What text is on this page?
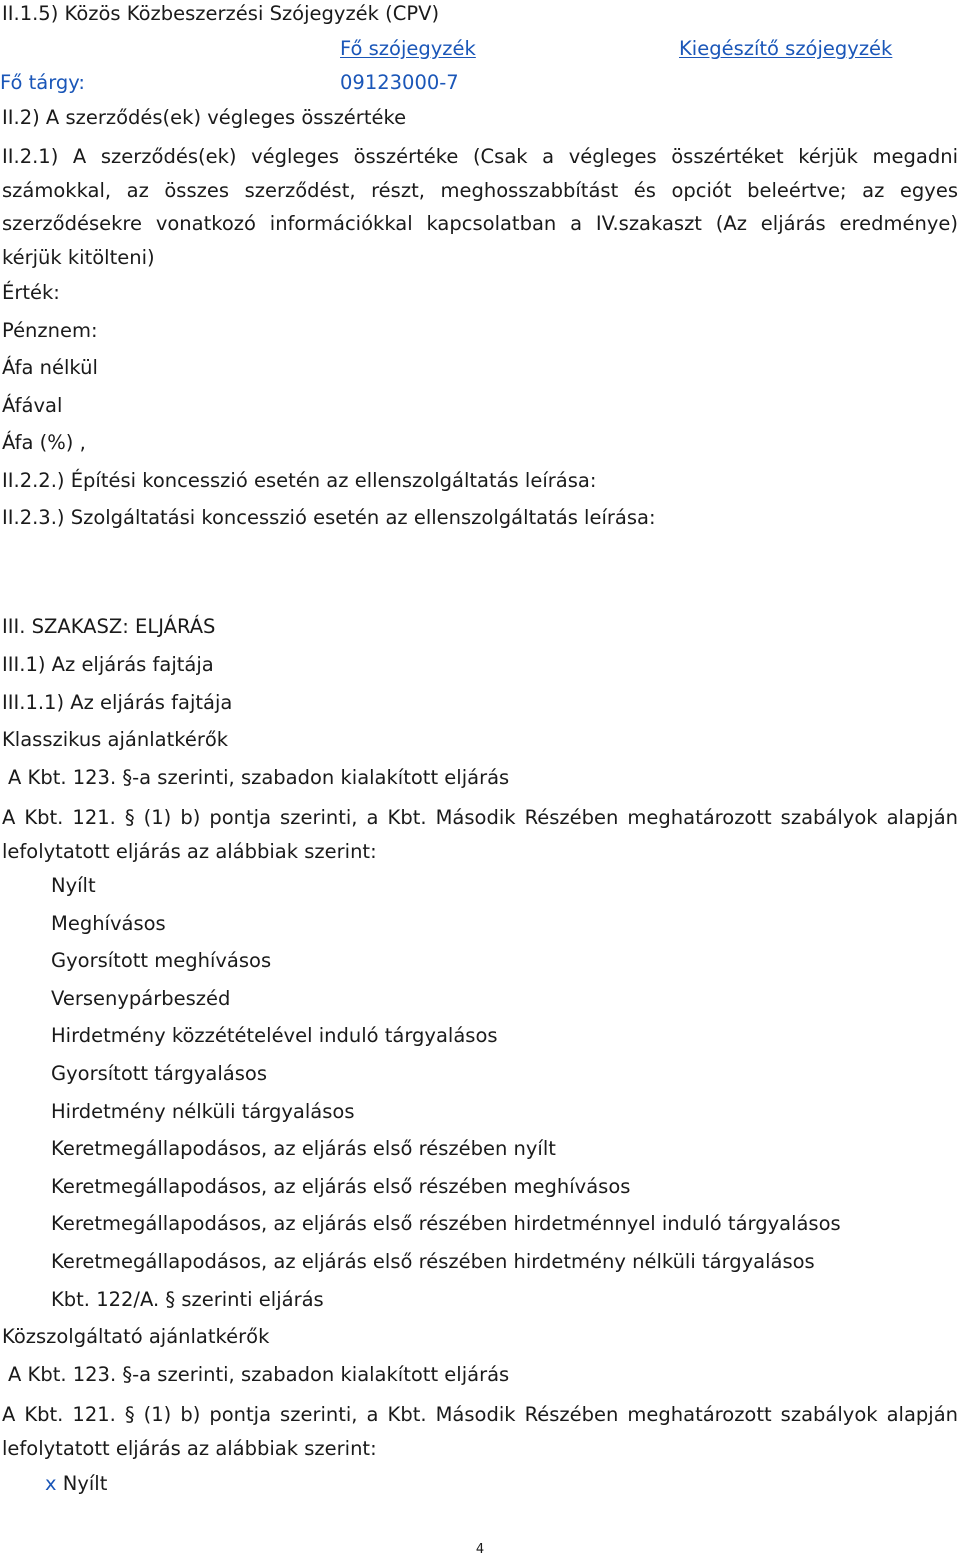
II.1.5) Közös Közbeszerzési Szójegyzék (CPV)
Fő szójegyzék	Kiegészítő szójegyzék
Fő tárgy:	09123000-7
II.2) A szerződés(ek) végleges összértéke
II.2.1) A szerződés(ek) végleges összértéke (Csak a végleges összértéket kérjük megadni
számokkal, az összes szerződést, részt, meghosszabbítást és opciót beleértve; az egyes
szerződésekre vonatkozó információkkal kapcsolatban a IV.szakaszt (Az eljárás eredménye)
kérjük kitölteni)
Érték:
Pénznem:
Áfa nélkül
Áfával
Áfa (%) ,
II.2.2.) Építési koncesszió esetén az ellenszolgáltatás leírása:
II.2.3.) Szolgáltatási koncesszió esetén az ellenszolgáltatás leírása:
III. SZAKASZ: ELJÁRÁS
III.1) Az eljárás fajtája
III.1.1) Az eljárás fajtája
Klasszikus ajánlatkérők
A Kbt. 123. §-a szerinti, szabadon kialakított eljárás
A Kbt. 121. § (1) b) pontja szerinti, a Kbt. Második Részében meghatározott szabályok alapján
lefolytatott eljárás az alábbiak szerint:
Nyílt
Meghívásos
Gyorsított meghívásos
Versenypárbeszéd
Hirdetmény közzétételével induló tárgyalásos
Gyorsított tárgyalásos
Hirdetmény nélküli tárgyalásos
Keretmegállapodásos, az eljárás első részében nyílt
Keretmegállapodásos, az eljárás első részében meghívásos
Keretmegállapodásos, az eljárás első részében hirdetménnyel induló tárgyalásos
Keretmegállapodásos, az eljárás első részében hirdetmény nélküli tárgyalásos
Kbt. 122/A. § szerinti eljárás
Közszolgáltató ajánlatkérők
A Kbt. 123. §-a szerinti, szabadon kialakított eljárás
A Kbt. 121. § (1) b) pontja szerinti, a Kbt. Második Részében meghatározott szabályok alapján
lefolytatott eljárás az alábbiak szerint:
x Nyílt
4
